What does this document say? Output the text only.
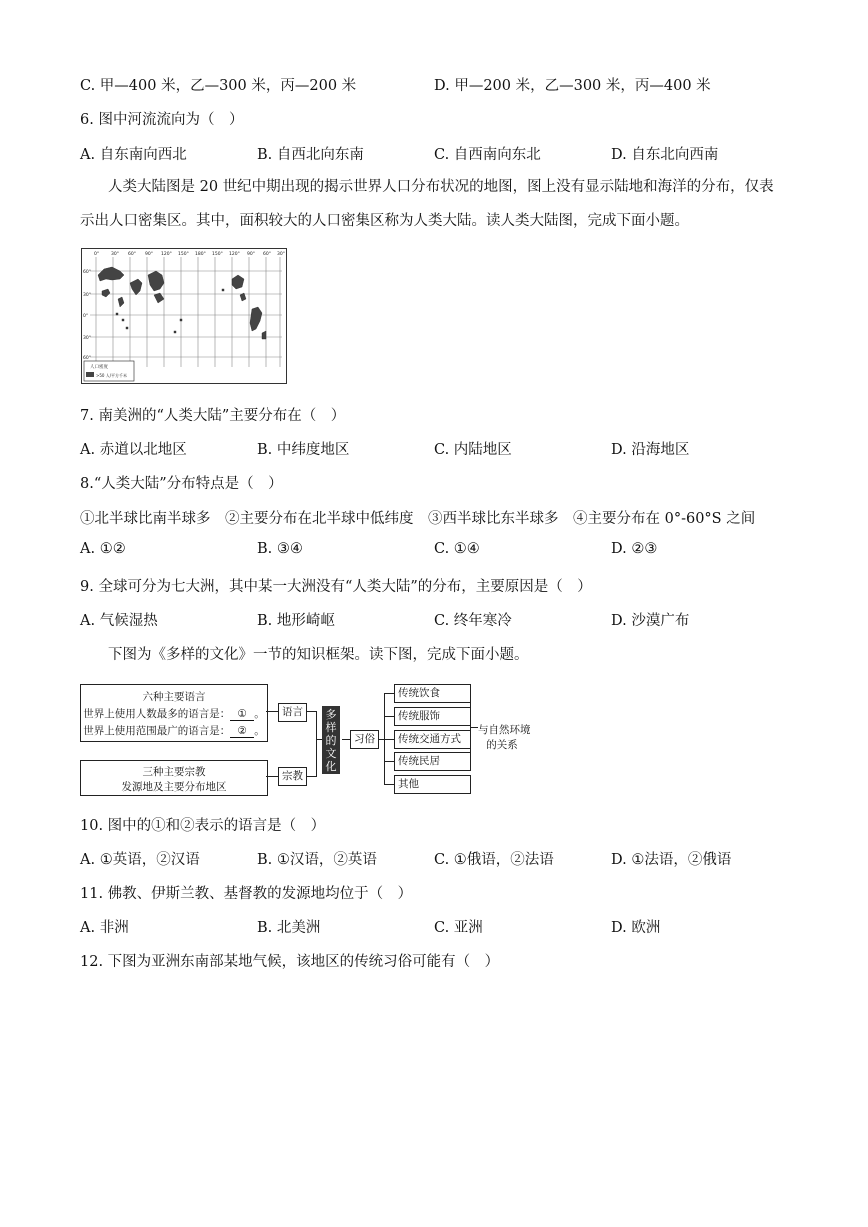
C. 甲—400 米，乙—300 米，丙—200 米	D. 甲—200 米，乙—300 米，丙—400 米
6. 图中河流流向为（　）
A. 自东南向西北	B. 自西北向东南	C. 自西南向东北	D. 自东北向西南
人类大陆图是 20 世纪中期出现的揭示世界人口分布状况的地图，图上没有显示陆地和海洋的分布，仅表示出人口密集区。其中，面积较大的人口密集区称为人类大陆。读人类大陆图，完成下面小题。
0°	30° 60° 90° 120° 150° 180° 150° 120° 90° 60° 30°
60°
30°
0°
30°
60°
人口密度
>50 人/平方千米
7. 南美洲的“人类大陆”主要分布在（　）
A. 赤道以北地区	B. 中纬度地区	C. 内陆地区	D. 沿海地区
8.“人类大陆”分布特点是（　）
①北半球比南半球多　②主要分布在北半球中低纬度　③西半球比东半球多　④主要分布在 0°-60°S 之间
A. ①②	B. ③④	C. ①④	D. ②③
9. 全球可分为七大洲，其中某一大洲没有“人类大陆”的分布，主要原因是（　）
A. 气候湿热	B. 地形崎岖	C. 终年寒冷	D. 沙漠广布
下图为《多样的文化》一节的知识框架。读下图，完成下面小题。
六种主要语言
世界上使用人数最多的语言是： ① 。
世界上使用范围最广的语言是： ② 。
三种主要宗教
发源地及主要分布地区
语言
宗教
多样的文化
习俗
传统饮食
传统服饰
传统交通方式
传统民居
其他
与自然环境
的关系
10. 图中的①和②表示的语言是（　）
A. ①英语，②汉语	B. ①汉语，②英语	C. ①俄语，②法语	D. ①法语，②俄语
11. 佛教、伊斯兰教、基督教的发源地均位于（　）
A. 非洲	B. 北美洲	C. 亚洲	D. 欧洲
12. 下图为亚洲东南部某地气候，该地区的传统习俗可能有（　）
